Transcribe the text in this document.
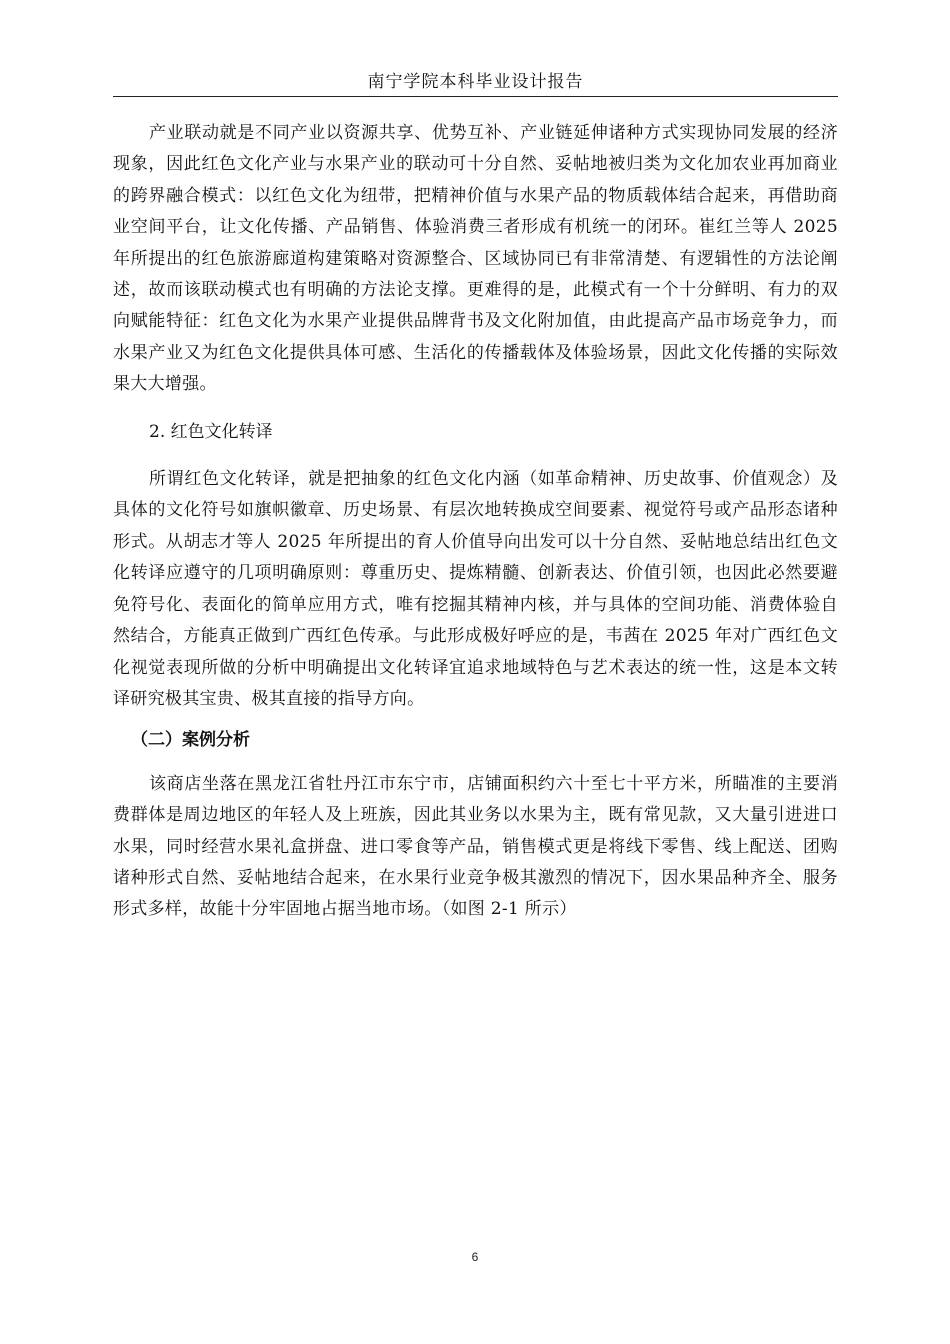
南宁学院本科毕业设计报告

产业联动就是不同产业以资源共享、优势互补、产业链延伸诸种方式实现协同发展的经济现象，因此红色文化产业与水果产业的联动可十分自然、妥帖地被归类为文化加农业再加商业的跨界融合模式：以红色文化为纽带，把精神价值与水果产品的物质载体结合起来，再借助商业空间平台，让文化传播、产品销售、体验消费三者形成有机统一的闭环。崔红兰等人 2025 年所提出的红色旅游廊道构建策略对资源整合、区域协同已有非常清楚、有逻辑性的方法论阐述，故而该联动模式也有明确的方法论支撑。更难得的是，此模式有一个十分鲜明、有力的双向赋能特征：红色文化为水果产业提供品牌背书及文化附加值，由此提高产品市场竞争力，而水果产业又为红色文化提供具体可感、生活化的传播载体及体验场景，因此文化传播的实际效果大大增强。

2. 红色文化转译

所谓红色文化转译，就是把抽象的红色文化内涵（如革命精神、历史故事、价值观念）及具体的文化符号如旗帜徽章、历史场景、有层次地转换成空间要素、视觉符号或产品形态诸种形式。从胡志才等人 2025 年所提出的育人价值导向出发可以十分自然、妥帖地总结出红色文化转译应遵守的几项明确原则：尊重历史、提炼精髓、创新表达、价值引领，也因此必然要避免符号化、表面化的简单应用方式，唯有挖掘其精神内核，并与具体的空间功能、消费体验自然结合，方能真正做到广西红色传承。与此形成极好呼应的是，韦茜在 2025 年对广西红色文化视觉表现所做的分析中明确提出文化转译宜追求地域特色与艺术表达的统一性，这是本文转译研究极其宝贵、极其直接的指导方向。

（二）案例分析

该商店坐落在黑龙江省牡丹江市东宁市，店铺面积约六十至七十平方米，所瞄准的主要消费群体是周边地区的年轻人及上班族，因此其业务以水果为主，既有常见款，又大量引进进口水果，同时经营水果礼盒拼盘、进口零食等产品，销售模式更是将线下零售、线上配送、团购诸种形式自然、妥帖地结合起来，在水果行业竞争极其激烈的情况下，因水果品种齐全、服务形式多样，故能十分牢固地占据当地市场。（如图 2-1 所示）

6
